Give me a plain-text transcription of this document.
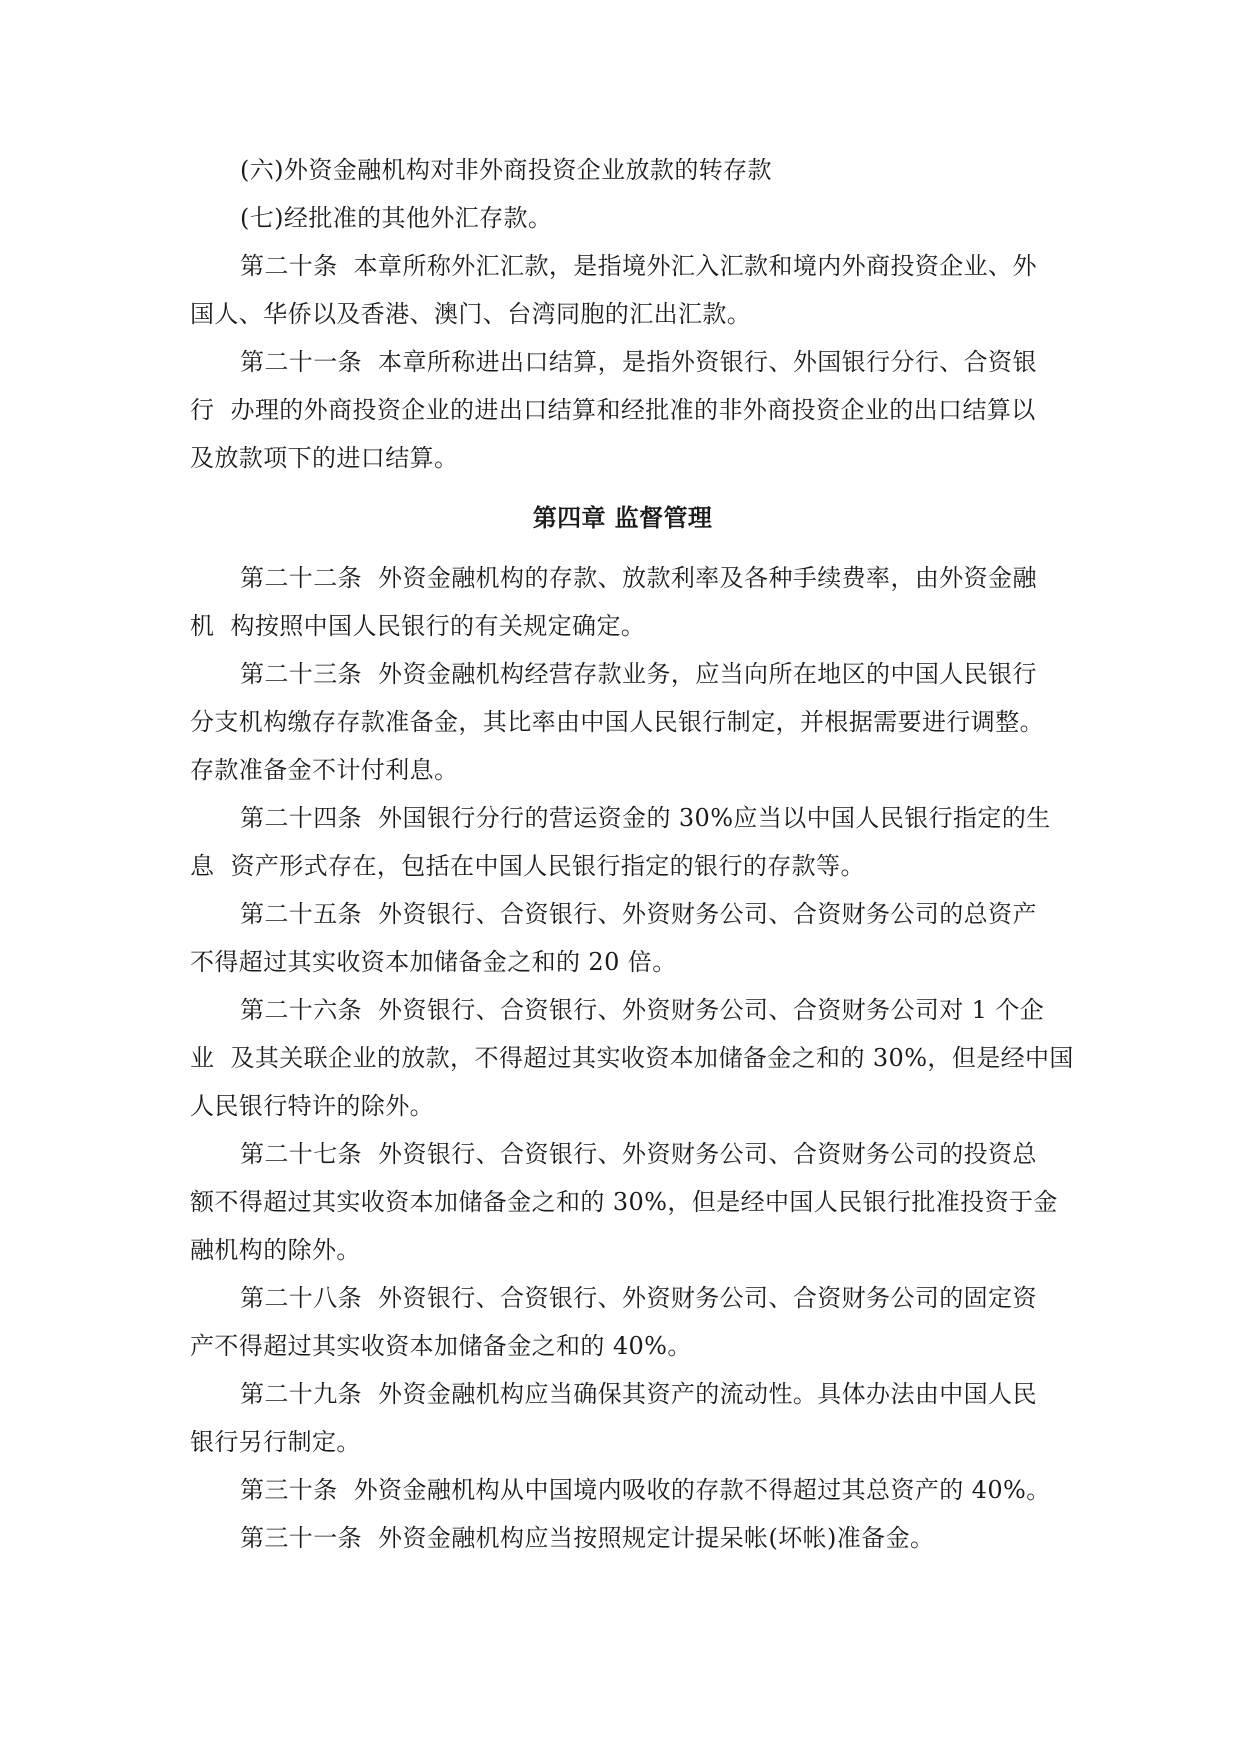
(六)外资金融机构对非外商投资企业放款的转存款
(七)经批准的其他外汇存款。
第二十条  本章所称外汇汇款，是指境外汇入汇款和境内外商投资企业、外
国人、华侨以及香港、澳门、台湾同胞的汇出汇款。
第二十一条  本章所称进出口结算，是指外资银行、外国银行分行、合资银
行  办理的外商投资企业的进出口结算和经批准的非外商投资企业的出口结算以
及放款项下的进口结算。
第四章 监督管理
第二十二条  外资金融机构的存款、放款利率及各种手续费率，由外资金融
机  构按照中国人民银行的有关规定确定。
第二十三条  外资金融机构经营存款业务，应当向所在地区的中国人民银行
分支机构缴存存款准备金，其比率由中国人民银行制定，并根据需要进行调整。
存款准备金不计付利息。
第二十四条  外国银行分行的营运资金的 30%应当以中国人民银行指定的生
息  资产形式存在，包括在中国人民银行指定的银行的存款等。
第二十五条  外资银行、合资银行、外资财务公司、合资财务公司的总资产
不得超过其实收资本加储备金之和的 20 倍。
第二十六条  外资银行、合资银行、外资财务公司、合资财务公司对 1 个企
业  及其关联企业的放款，不得超过其实收资本加储备金之和的 30%，但是经中国
人民银行特许的除外。
第二十七条  外资银行、合资银行、外资财务公司、合资财务公司的投资总
额不得超过其实收资本加储备金之和的 30%，但是经中国人民银行批准投资于金
融机构的除外。
第二十八条  外资银行、合资银行、外资财务公司、合资财务公司的固定资
产不得超过其实收资本加储备金之和的 40%。
第二十九条  外资金融机构应当确保其资产的流动性。具体办法由中国人民
银行另行制定。
第三十条  外资金融机构从中国境内吸收的存款不得超过其总资产的 40%。
第三十一条  外资金融机构应当按照规定计提呆帐(坏帐)准备金。
